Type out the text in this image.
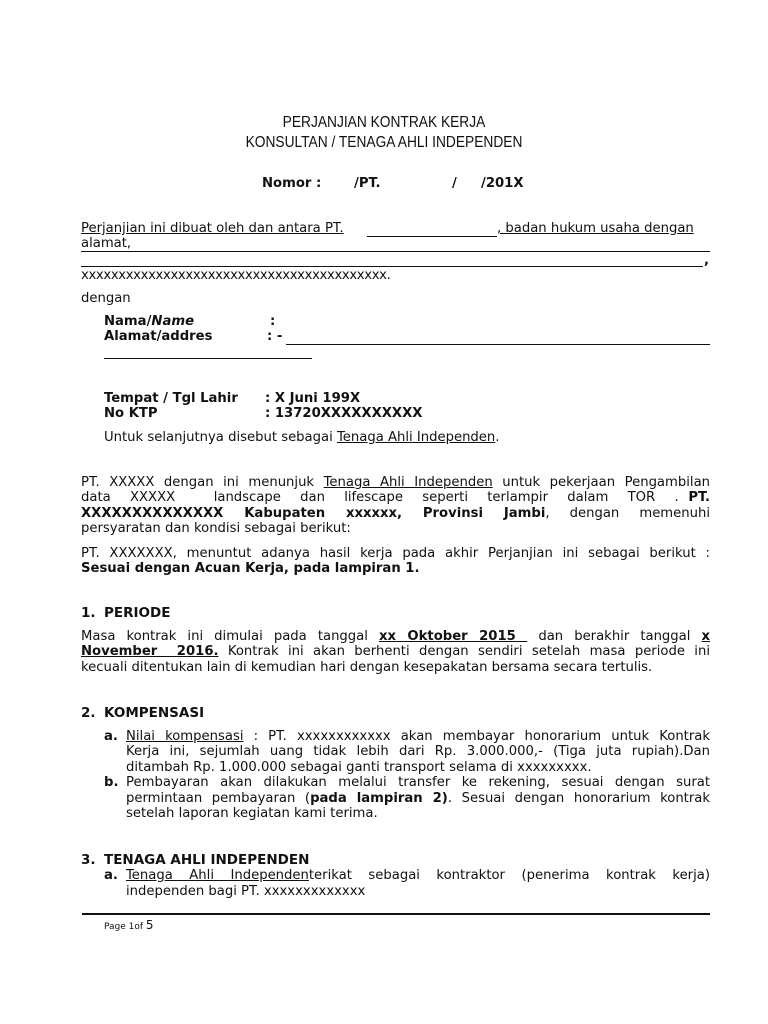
PERJANJIAN KONTRAK KERJA
KONSULTAN / TENAGA AHLI INDEPENDEN
Nomor : /PT.	/ /201X
Perjanjian ini dibuat oleh dan antara PT.	, badan hukum usaha dengan
alamat,
,
xxxxxxxxxxxxxxxxxxxxxxxxxxxxxxxxxxxxxxxxx.
dengan
Nama/Name	:
Alamat/addres	: -
Tempat / Tgl Lahir : X Juni 199X
No KTP	: 13720XXXXXXXXXX
Untuk selanjutnya disebut sebagai Tenaga Ahli Independen.
PT. XXXXX dengan ini menunjuk Tenaga Ahli Independen untuk pekerjaan Pengambilan
data  XXXXX    landscape  dan  lifescape  seperti  terlampir  dalam  TOR  . PT.
XXXXXXXXXXXXXX  Kabupaten  xxxxxx,  Provinsi  Jambi,  dengan  memenuhi
persyaratan dan kondisi sebagai berikut:
PT. XXXXXXX, menuntut adanya hasil kerja pada akhir Perjanjian ini sebagai berikut :
Sesuai dengan Acuan Kerja, pada lampiran 1.
1. PERIODE
Masa kontrak ini dimulai pada tanggal xx Oktober 2015  dan berakhir tanggal x
November  2016. Kontrak ini akan berhenti dengan sendiri setelah masa periode ini
kecuali ditentukan lain di kemudian hari dengan kesepakatan bersama secara tertulis.
2. KOMPENSASI
a. Nilai kompensasi : PT. xxxxxxxxxxxx akan membayar honorarium untuk Kontrak
Kerja ini, sejumlah uang tidak lebih dari Rp. 3.000.000,- (Tiga juta rupiah).Dan
ditambah Rp. 1.000.000 sebagai ganti transport selama di xxxxxxxxx.
b. Pembayaran akan dilakukan melalui transfer ke rekening, sesuai dengan surat
permintaan pembayaran (pada lampiran 2). Sesuai dengan honorarium kontrak
setelah laporan kegiatan kami terima.
3. TENAGA AHLI INDEPENDEN
a. Tenaga Ahli Independenterikat sebagai kontraktor (penerima kontrak kerja)
independen bagi PT. xxxxxxxxxxxxx
Page 1of 5
